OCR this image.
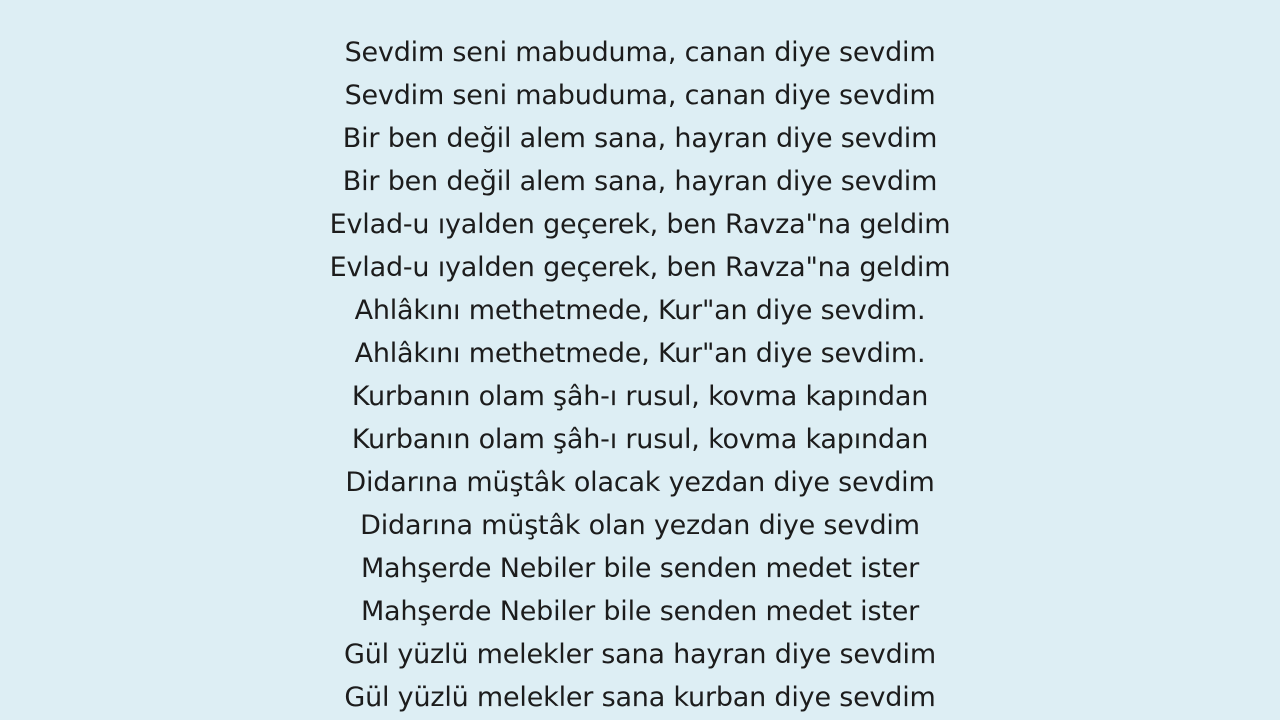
Sevdim seni mabuduma, canan diye sevdim
Sevdim seni mabuduma, canan diye sevdim
Bir ben değil alem sana, hayran diye sevdim
Bir ben değil alem sana, hayran diye sevdim
Evlad-u ıyalden geçerek, ben Ravza"na geldim
Evlad-u ıyalden geçerek, ben Ravza"na geldim
Ahlâkını methetmede, Kur"an diye sevdim.
Ahlâkını methetmede, Kur"an diye sevdim.
Kurbanın olam şâh-ı rusul, kovma kapından
Kurbanın olam şâh-ı rusul, kovma kapından
Didarına müştâk olacak yezdan diye sevdim
Didarına müştâk olan yezdan diye sevdim
Mahşerde Nebiler bile senden medet ister
Mahşerde Nebiler bile senden medet ister
Gül yüzlü melekler sana hayran diye sevdim
Gül yüzlü melekler sana kurban diye sevdim
